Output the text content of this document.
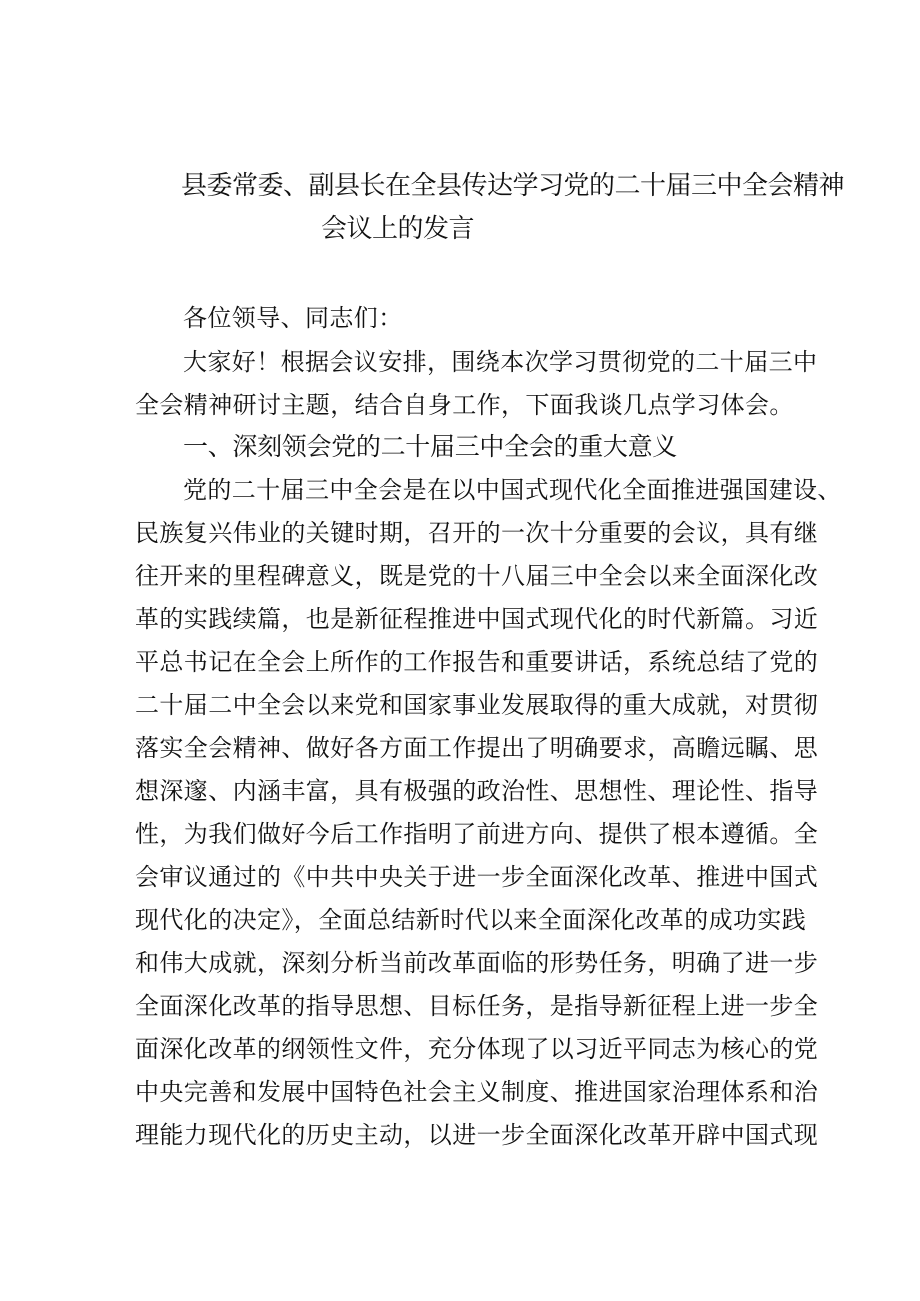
县委常委、副县长在全县传达学习党的二十届三中全会精神
会议上的发言
各位领导、同志们：
大家好！根据会议安排，围绕本次学习贯彻党的二十届三中
全会精神研讨主题，结合自身工作，下面我谈几点学习体会。
一、深刻领会党的二十届三中全会的重大意义
党的二十届三中全会是在以中国式现代化全面推进强国建设、
民族复兴伟业的关键时期，召开的一次十分重要的会议，具有继
往开来的里程碑意义，既是党的十八届三中全会以来全面深化改
革的实践续篇，也是新征程推进中国式现代化的时代新篇。习近
平总书记在全会上所作的工作报告和重要讲话，系统总结了党的
二十届二中全会以来党和国家事业发展取得的重大成就，对贯彻
落实全会精神、做好各方面工作提出了明确要求，高瞻远瞩、思
想深邃、内涵丰富，具有极强的政治性、思想性、理论性、指导
性，为我们做好今后工作指明了前进方向、提供了根本遵循。全
会审议通过的《中共中央关于进一步全面深化改革、推进中国式
现代化的决定》，全面总结新时代以来全面深化改革的成功实践
和伟大成就，深刻分析当前改革面临的形势任务，明确了进一步
全面深化改革的指导思想、目标任务，是指导新征程上进一步全
面深化改革的纲领性文件，充分体现了以习近平同志为核心的党
中央完善和发展中国特色社会主义制度、推进国家治理体系和治
理能力现代化的历史主动，以进一步全面深化改革开辟中国式现
